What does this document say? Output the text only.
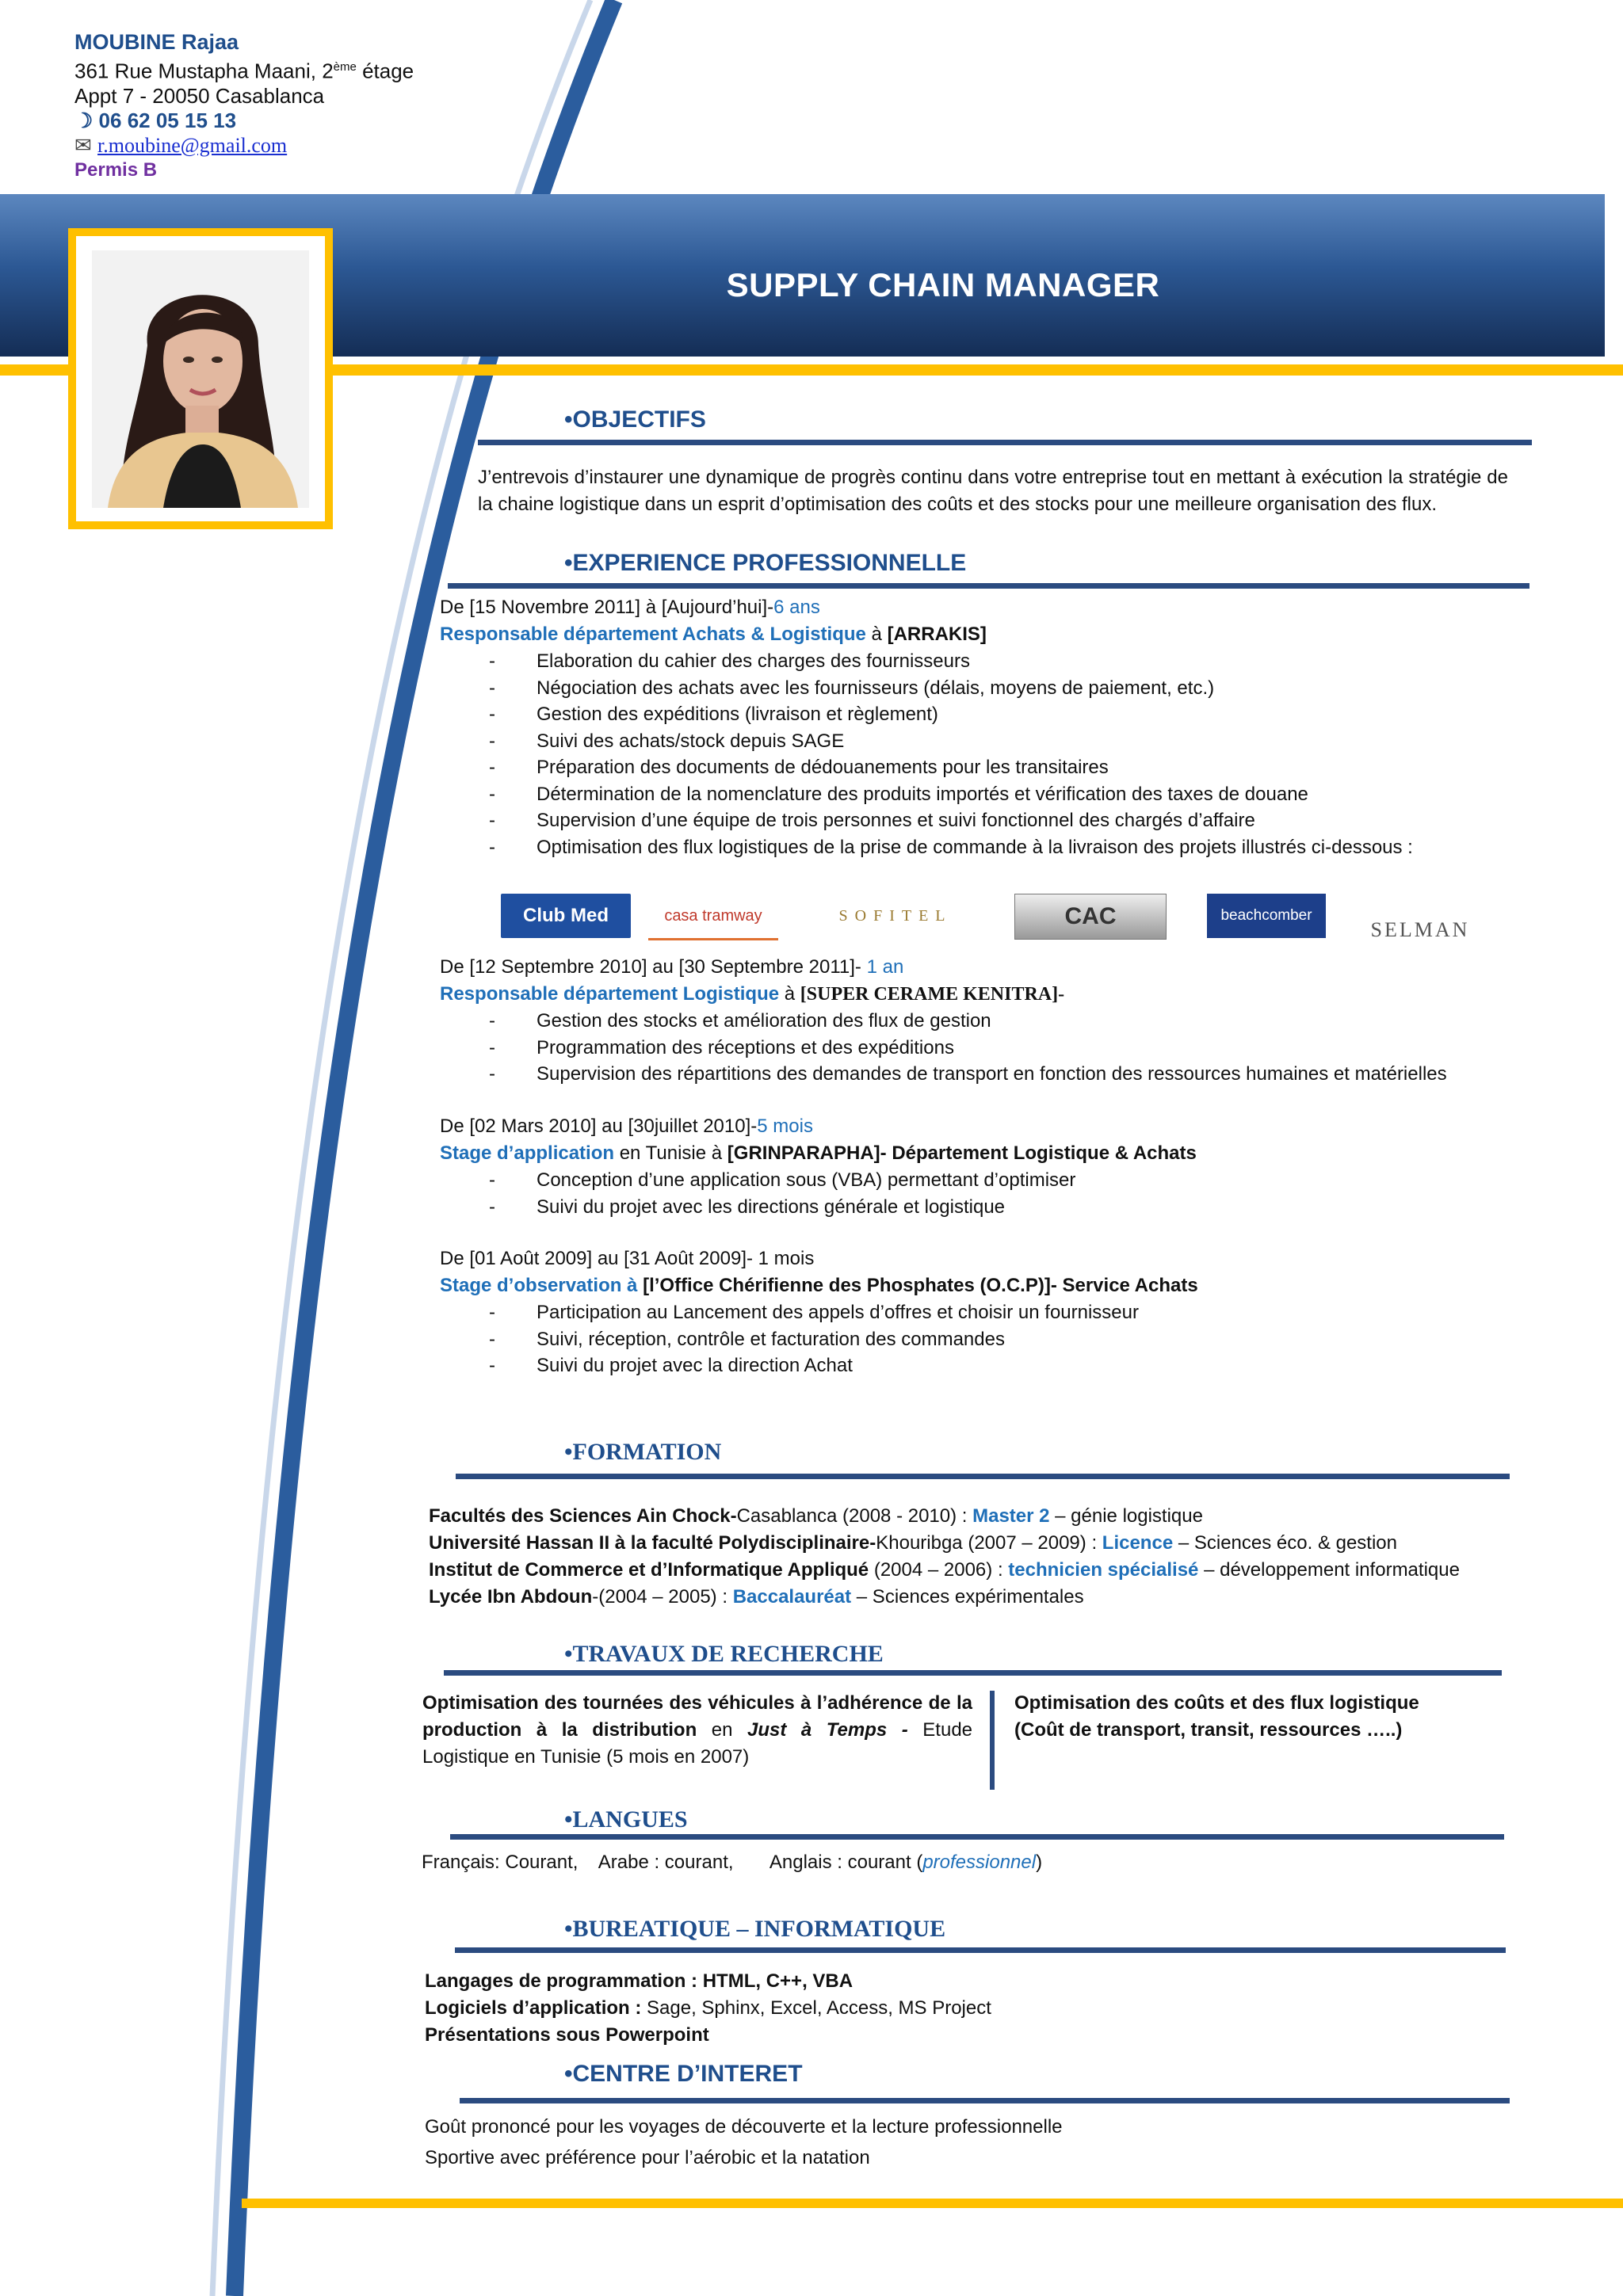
MOUBINE Rajaa
361 Rue Mustapha Maani, 2ème étage
Appt 7 - 20050 Casablanca
☽ 06 62 05 15 13
✉ r.moubine@gmail.com
Permis B
SUPPLY CHAIN MANAGER
•OBJECTIFS
J’entrevois d’instaurer une dynamique de progrès continu dans votre entreprise tout en mettant à exécution la stratégie de la chaine logistique dans un esprit d’optimisation des coûts et des stocks pour une meilleure organisation des flux.
•EXPERIENCE PROFESSIONNELLE
De [15 Novembre 2011] à [Aujourd’hui]-6 ans
Responsable département Achats & Logistique à [ARRAKIS]
- Elaboration du cahier des charges des fournisseurs
- Négociation des achats avec les fournisseurs (délais, moyens de paiement, etc.)
- Gestion des expéditions (livraison et règlement)
- Suivi des achats/stock depuis SAGE
- Préparation des documents de dédouanements pour les transitaires
- Détermination de la nomenclature des produits importés et vérification des taxes de douane
- Supervision d’une équipe de trois personnes et suivi fonctionnel des chargés d’affaire
- Optimisation des flux logistiques de la prise de commande à la livraison des projets illustrés ci-dessous :
Club Med	casa tramway	SOFITEL	CAC	beachcomber
SELMAN
De [12 Septembre 2010] au [30 Septembre 2011]- 1 an
Responsable département Logistique à [SUPER CERAME KENITRA]-
- Gestion des stocks et amélioration des flux de gestion
- Programmation des réceptions et des expéditions
- Supervision des répartitions des demandes de transport en fonction des ressources humaines et matérielles
De [02 Mars 2010] au [30juillet 2010]-5 mois
Stage d’application en Tunisie à [GRINPARAPHA]- Département Logistique & Achats
- Conception d’une application sous (VBA) permettant d’optimiser
- Suivi du projet avec les directions générale et logistique
De [01 Août 2009] au [31 Août 2009]- 1 mois
Stage d’observation à [l’Office Chérifienne des Phosphates (O.C.P)]- Service Achats
- Participation au Lancement des appels d’offres et choisir un fournisseur
- Suivi, réception, contrôle et facturation des commandes
- Suivi du projet avec la direction Achat
•FORMATION
Facultés des Sciences Ain Chock-Casablanca (2008 - 2010) : Master 2 – génie logistique
Université Hassan II à la faculté Polydisciplinaire-Khouribga (2007 – 2009) : Licence – Sciences éco. & gestion
Institut de Commerce et d’Informatique Appliqué (2004 – 2006) : technicien spécialisé – développement informatique
Lycée Ibn Abdoun-(2004 – 2005) : Baccalauréat – Sciences expérimentales
•TRAVAUX DE RECHERCHE
Optimisation des tournées des véhicules à l’adhérence de la production à la distribution en Just à Temps - Etude Logistique en Tunisie (5 mois en 2007)
Optimisation des coûts et des flux logistique
(Coût de transport, transit, ressources …..)
•LANGUES
Français: Courant,    Arabe : courant,       Anglais : courant (professionnel)
•BUREATIQUE – INFORMATIQUE
Langages de programmation : HTML, C++, VBA
Logiciels d’application : Sage, Sphinx, Excel, Access, MS Project
Présentations sous Powerpoint
•CENTRE D’INTERET
Goût prononcé pour les voyages de découverte et la lecture professionnelle
Sportive avec préférence pour l’aérobic et la natation
